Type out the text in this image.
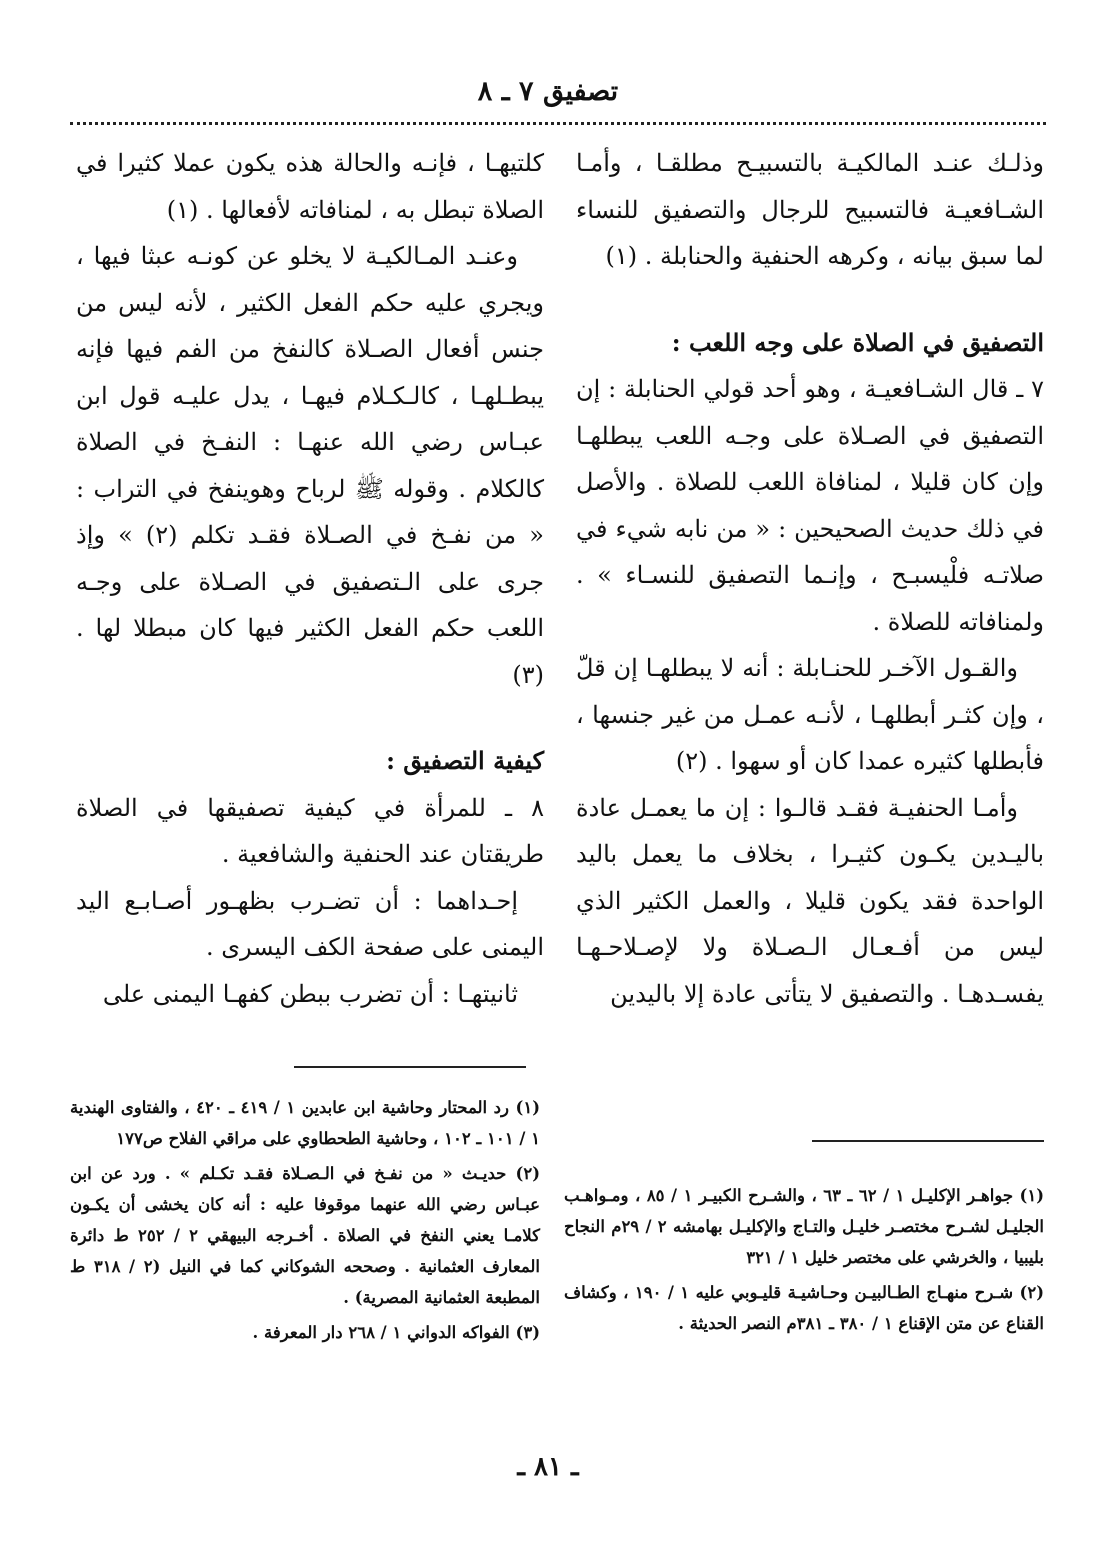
تصفيق ٧ ـ ٨

وذلـك عنـد المالكيـة بالتسبيـح مطلقـا ، وأمـا الشـافعيـة فالتسبيح للرجال والتصفيق للنساء لما سبق بيانه ، وكرهه الحنفية والحنابلة . (١)

التصفيق في الصلاة على وجه اللعب :

٧ ـ قال الشـافعيـة ، وهو أحد قولي الحنابلة : إن التصفيق في الصـلاة على وجـه اللعب يبطلهـا وإن كان قليلا ، لمنافاة اللعب للصلاة . والأصل في ذلك حديث الصحيحين : « من نابه شيء في صلاتـه فلْيسبـح ، وإنـما التصفيق للنسـاء » . ولمنافاته للصلاة .

والقـول الآخـر للحنـابلة : أنه لا يبطلهـا إن قلّ ، وإن كثـر أبطلهـا ، لأنـه عمـل من غير جنسها ، فأبطلها كثيره عمدا كان أو سهوا . (٢)

وأمـا الحنفيـة فقـد قالـوا : إن ما يعمـل عادة باليـدين يكـون كثيـرا ، بخلاف ما يعمل باليد الواحدة فقد يكون قليلا ، والعمل الكثير الذي ليس من أفـعـال الـصـلاة ولا لإصـلاحـهـا يفسـدهـا . والتصفيق لا يتأتى عادة إلا باليدين

كلتيهـا ، فإنـه والحالة هذه يكون عملا كثيرا في الصلاة تبطل به ، لمنافاته لأفعالها . (١)

وعنـد المـالكيـة لا يخلو عن كونـه عبثا فيها ، ويجري عليه حكم الفعل الكثير ، لأنه ليس من جنس أفعال الصـلاة كالنفخ من الفم فيها فإنه يبطـلهـا ، كالـكـلام فيهـا ، يدل عليـه قول ابن عبـاس رضي الله عنهـا : النفـخ في الصلاة كالكلام . وقوله ﷺ لرباح وهوينفخ في التراب : « من نفـخ في الصـلاة فقـد تكلم (٢) » وإذ جرى على الـتصفيق في الصـلاة على وجـه اللعب حكم الفعل الكثير فيها كان مبطلا لها . (٣)

كيفية التصفيق :

٨ ـ للمرأة في كيفية تصفيقها في الصلاة طريقتان عند الحنفية والشافعية .

إحـداهما : أن تضـرب بظهـور أصـابـع اليد اليمنى على صفحة الكف اليسرى .

ثانيتهـا : أن تضرب ببطن كفهـا اليمنى على

(١) رد المحتار وحاشية ابن عابدين ١ / ٤١٩ ـ ٤٢٠ ، والفتاوى الهندية ١ / ١٠١ ـ ١٠٢ ، وحاشية الطحطاوي على مراقي الفلاح ص١٧٧

(٢) حديـث « من نفـخ في الـصـلاة فقـد تكـلم » . ورد عن ابن عبـاس رضي الله عنهما موقوفا عليه : أنه كان يخشى أن يكـون كلامـا يعني النفخ في الصلاة . أخـرجه البيهقي ٢ / ٢٥٢ ط دائرة المعارف العثمانية . وصححه الشوكاني كما في النيل (٢ / ٣١٨ ط المطبعة العثمانية المصرية) .

(٣) الفواكه الدواني ١ / ٢٦٨ دار المعرفة .

(١) جواهـر الإكليـل ١ / ٦٢ ـ ٦٣ ، والشـرح الكبيـر ١ / ٨٥ ، ومـواهـب الجليـل لشـرح مختصـر خليـل والتـاج والإكليـل بهامشه ٢ / ٢٩م النجاح بليبيا ، والخرشي على مختصر خليل ١ / ٣٢١

(٢) شـرح منهـاج الطـالبيـن وحـاشيـة قليـوبي عليه ١ / ١٩٠ ، وكشاف القناع عن متن الإقناع ١ / ٣٨٠ ـ ٣٨١م النصر الحديثة .

ـ ٨١ ـ
